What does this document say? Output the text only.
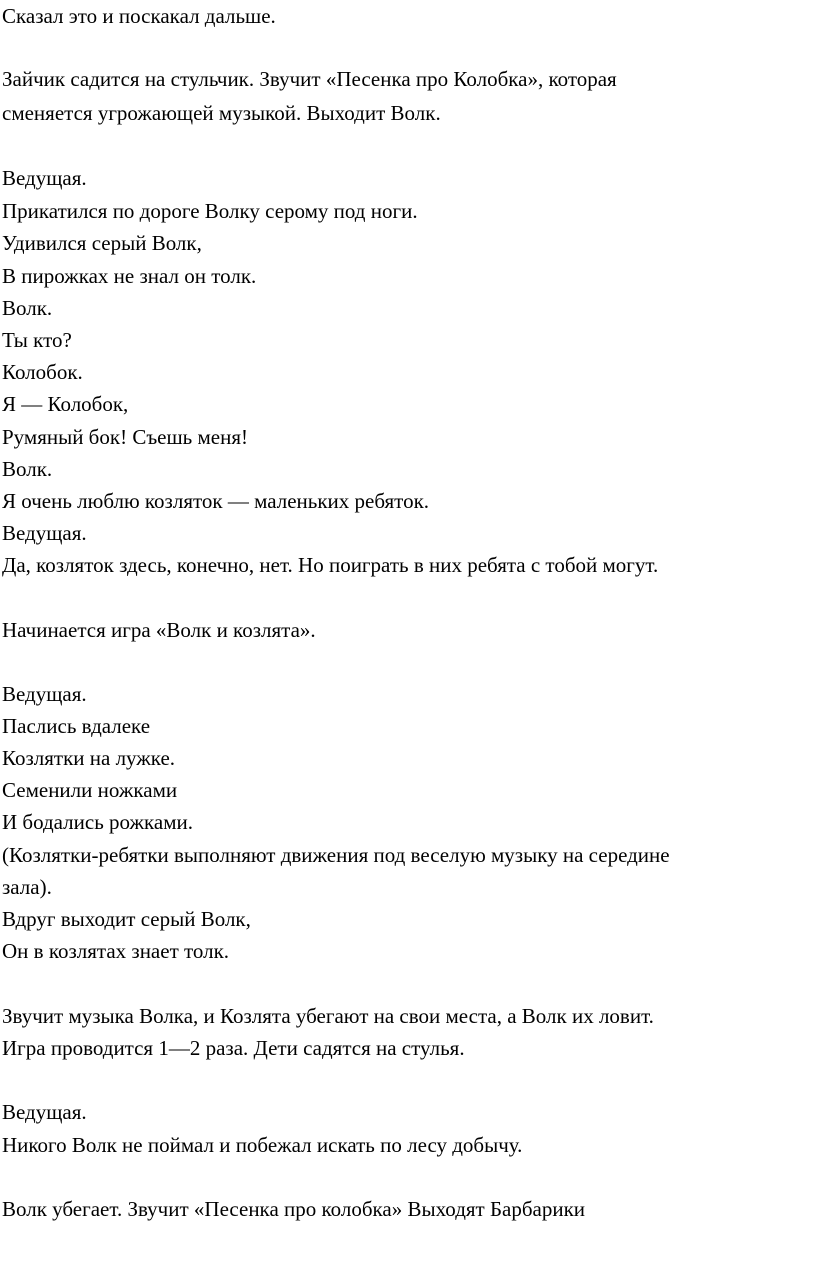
Сказал это и поскакал дальше.
Зайчик садится на стульчик. Звучит «Песенка про Колобка», которая
сменяется угрожающей музыкой. Выходит Волк.
Ведущая.
Прикатился по дороге Волку серому под ноги.
Удивился серый Волк,
В пирожках не знал он толк.
Волк.
Ты кто?
Колобок.
Я — Колобок,
Румяный бок! Съешь меня!
Волк.
Я очень люблю козляток — маленьких ребяток.
Ведущая.
Да, козляток здесь, конечно, нет. Но поиграть в них ребята с тобой могут.
Начинается игра «Волк и козлята».
Ведущая.
Паслись вдалеке
Козлятки на лужке.
Семенили ножками
И бодались рожками.
(Козлятки-ребятки выполняют движения под веселую музыку на середине
зала).
Вдруг выходит серый Волк,
Он в козлятах знает толк.
Звучит музыка Волка, и Козлята убегают на свои места, а Волк их ловит.
Игра проводится 1—2 раза. Дети садятся на стулья.
Ведущая.
Никого Волк не поймал и побежал искать по лесу добычу.
Волк убегает. Звучит «Песенка про колобка» Выходят Барбарики
